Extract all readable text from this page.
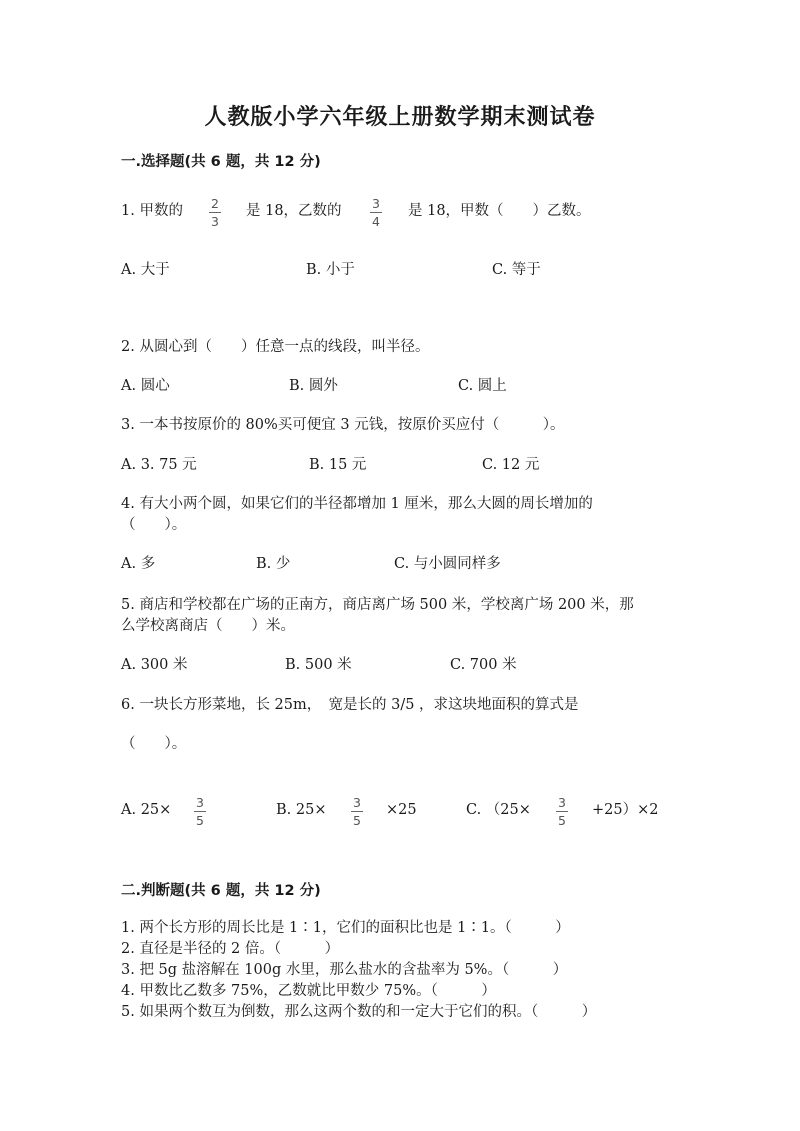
人教版小学六年级上册数学期末测试卷
一.选择题(共 6 题，共 12 分)
1. 甲数的	2
3
是 18，乙数的	3
4
是 18，甲数（　　）乙数。
A. 大于	B. 小于	C. 等于
2. 从圆心到（　　）任意一点的线段，叫半径。
A. 圆心	B. 圆外	C. 圆上
3. 一本书按原价的 80%买可便宜 3 元钱，按原价买应付（　　　）。
A. 3. 75 元	B. 15 元	C. 12 元
4. 有大小两个圆，如果它们的半径都增加 1 厘米，那么大圆的周长增加的
（　　）。
A. 多	B. 少	C. 与小圆同样多
5. 商店和学校都在广场的正南方，商店离广场 500 米，学校离广场 200 米，那
么学校离商店（　　）米。
A. 300 米	B. 500 米	C. 700 米
6. 一块长方形菜地，长 25m，　宽是长的 3/5 ，求这块地面积的算式是
（　　）。
A. 25×	3
5
B. 25×	3
5
×25	C. （25×	3
5
+25）×2
二.判断题(共 6 题，共 12 分)
1. 两个长方形的周长比是 1∶1，它们的面积比也是 1∶1。（　　　）
2. 直径是半径的 2 倍。（　　　）
3. 把 5g 盐溶解在 100g 水里，那么盐水的含盐率为 5%。（　　　）
4. 甲数比乙数多 75%，乙数就比甲数少 75%。（　　　）
5. 如果两个数互为倒数，那么这两个数的和一定大于它们的积。（　　　）
